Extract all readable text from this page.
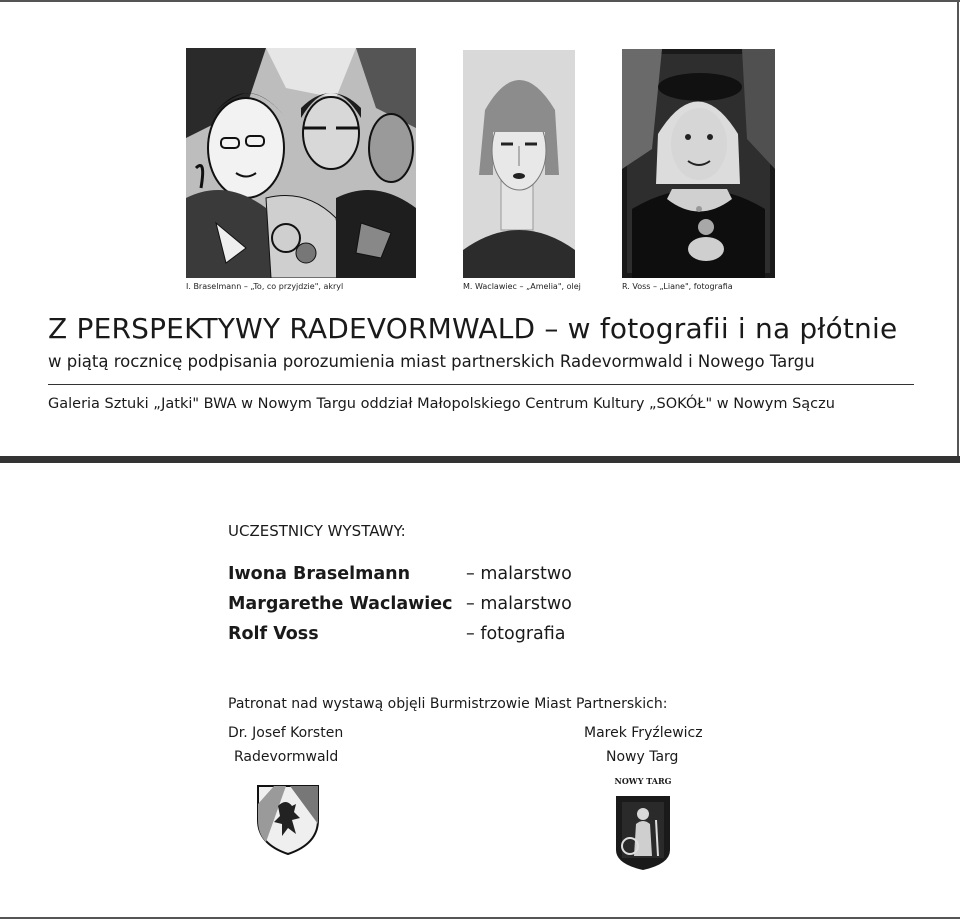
I. Braselmann – „To, co przyjdzie", akryl	M. Waclawiec – „Amelia", olej	R. Voss – „Liane", fotografia
Z PERSPEKTYWY RADEVORMWALD – w fotografii i na płótnie
w piątą rocznicę podpisania porozumienia miast partnerskich Radevormwald i Nowego Targu
Galeria Sztuki „Jatki" BWA w Nowym Targu oddział Małopolskiego Centrum Kultury „SOKÓŁ" w Nowym Sączu
UCZESTNICY WYSTAWY:
Iwona Braselmann	– malarstwo
Margarethe Waclawiec – malarstwo
Rolf Voss	– fotografia
Patronat nad wystawą objęli Burmistrzowie Miast Partnerskich:
Dr. Josef Korsten
Radevormwald
Marek Fryźlewicz
Nowy Targ
NOWY TARG
